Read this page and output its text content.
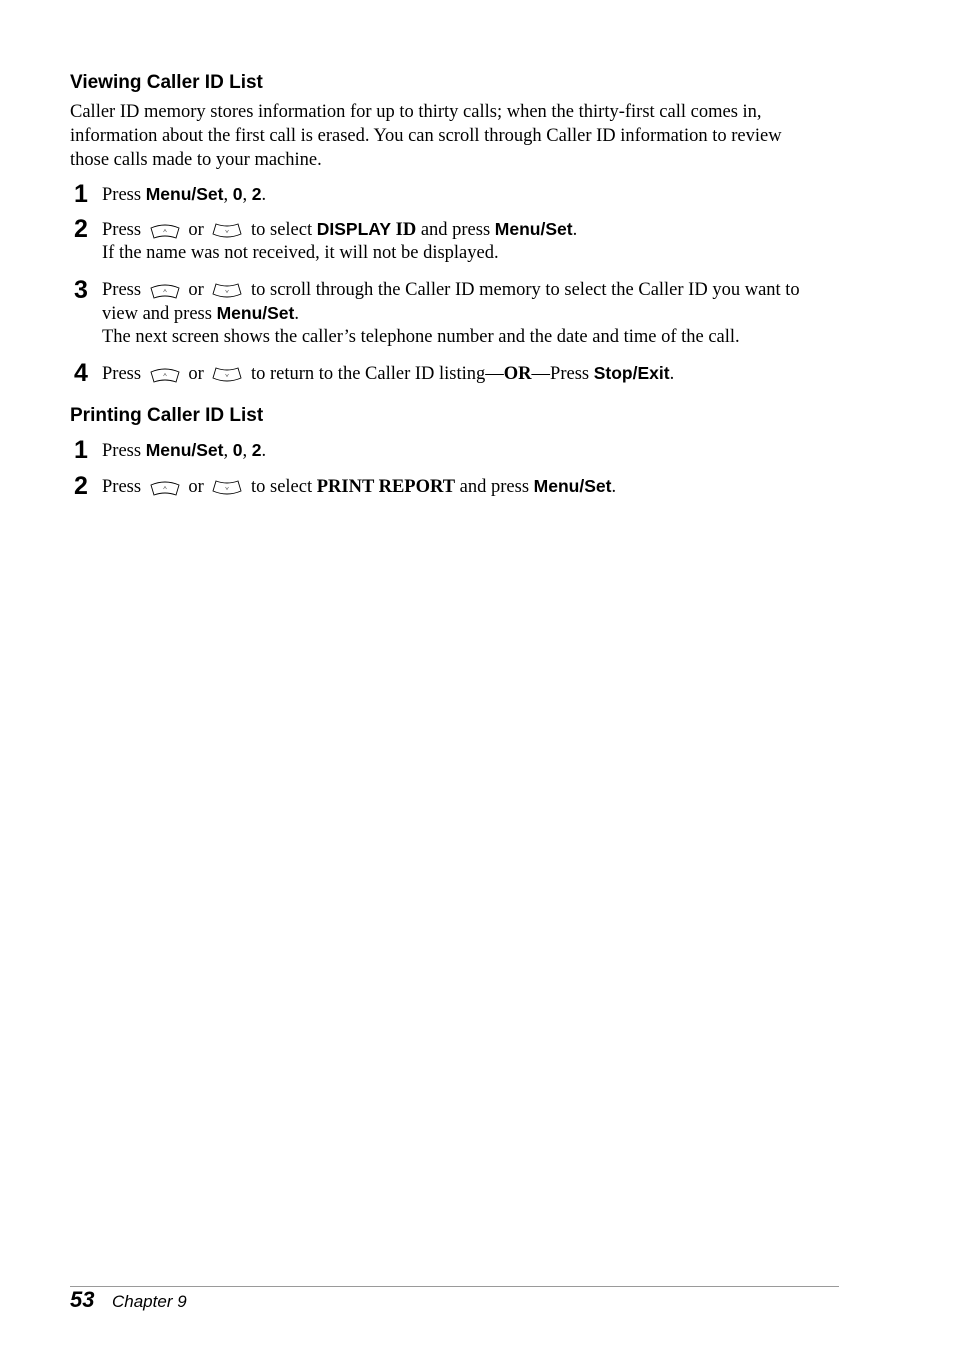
Viewing Caller ID List
Caller ID memory stores information for up to thirty calls; when the thirty-first call comes in,
information about the first call is erased. You can scroll through Caller ID information to review
those calls made to your machine.
1 Press Menu/Set, 0, 2.
2 Press	or	to select DISPLAY ID and press Menu/Set.
If the name was not received, it will not be displayed.
3 Press	or	to scroll through the Caller ID memory to select the Caller ID you want to
view and press Menu/Set.
The next screen shows the caller’s telephone number and the date and time of the call.
4 Press	or	to return to the Caller ID listing—OR—Press Stop/Exit.
Printing Caller ID List
1 Press Menu/Set, 0, 2.
2 Press	or	to select PRINT REPORT and press Menu/Set.
53 Chapter 9
